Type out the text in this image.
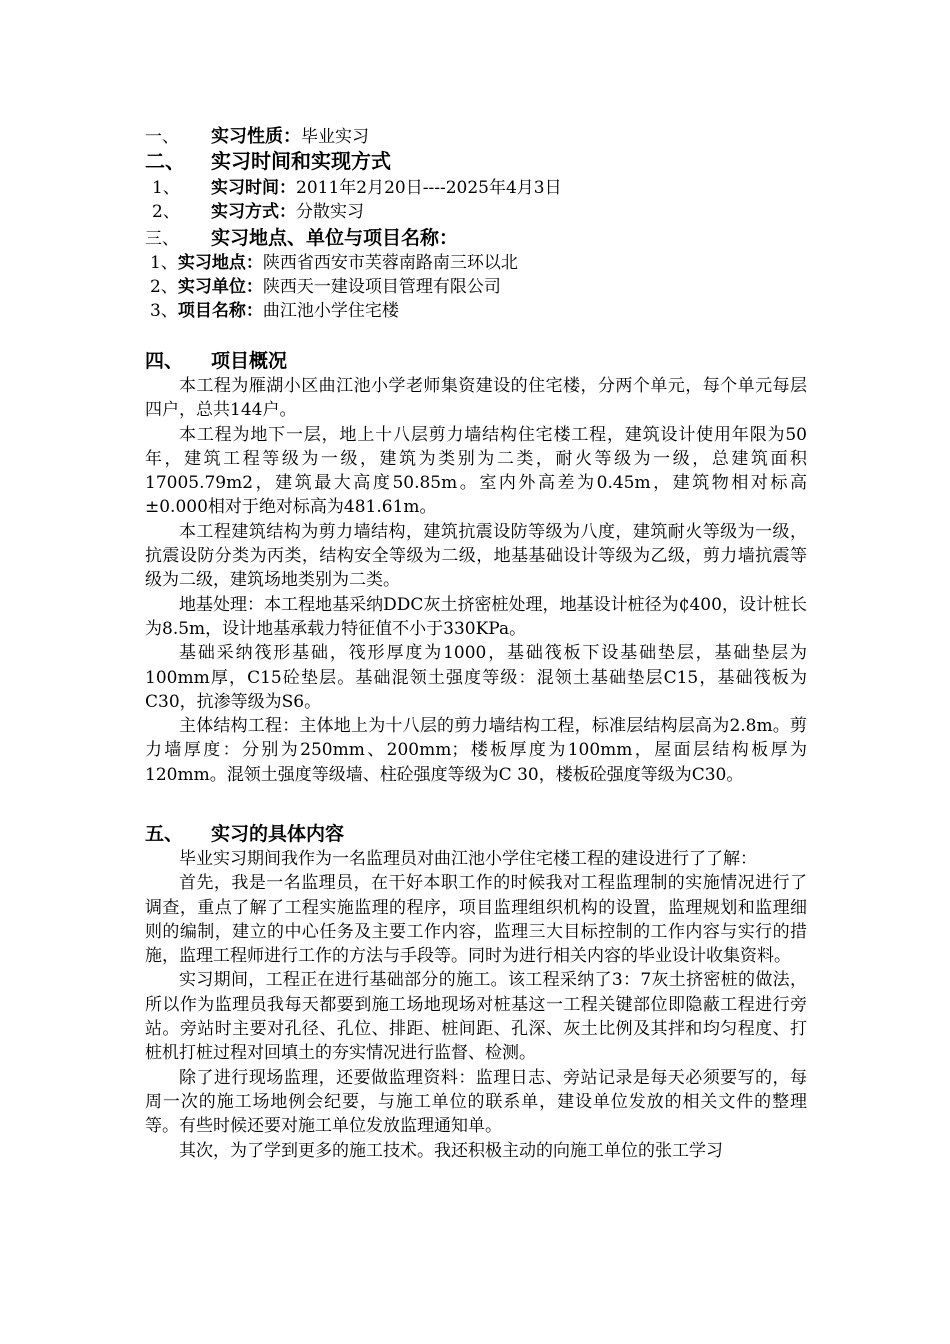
一、 实习性质：毕业实习
二、 实习时间和实现方式
1、 实习时间：2011年2月20日----2025年4月3日
2、 实习方式：分散实习
三、 实习地点、单位与项目名称：
1、实习地点：陕西省西安市芙蓉南路南三环以北
2、实习单位：陕西天一建设项目管理有限公司
3、项目名称：曲江池小学住宅楼
四、 项目概况

本工程为雁湖小区曲江池小学老师集资建设的住宅楼，分两个单元，每个单元每层四户，总共144户。

本工程为地下一层，地上十八层剪力墙结构住宅楼工程，建筑设计使用年限为50年，建筑工程等级为一级，建筑为类别为二类，耐火等级为一级，总建筑面积17005.79m2，建筑最大高度50.85m。室内外高差为0.45m，建筑物相对标高±0.000相对于绝对标高为481.61m。

本工程建筑结构为剪力墙结构，建筑抗震设防等级为八度，建筑耐火等级为一级，抗震设防分类为丙类，结构安全等级为二级，地基基础设计等级为乙级，剪力墙抗震等级为二级，建筑场地类别为二类。

地基处理：本工程地基采纳DDC灰土挤密桩处理，地基设计桩径为₵400，设计桩长为8.5m，设计地基承载力特征值不小于330KPa。

基础采纳筏形基础，筏形厚度为1000，基础筏板下设基础垫层，基础垫层为100mm厚，C15砼垫层。基础混领土强度等级：混领土基础垫层C15，基础筏板为C30，抗渗等级为S6。

主体结构工程：主体地上为十八层的剪力墙结构工程，标准层结构层高为2.8m。剪力墙厚度：分别为250mm、200mm；楼板厚度为100mm，屋面层结构板厚为120mm。混领土强度等级墙、柱砼强度等级为C 30，楼板砼强度等级为C30。

五、 实习的具体内容

毕业实习期间我作为一名监理员对曲江池小学住宅楼工程的建设进行了了解：

首先，我是一名监理员，在干好本职工作的时候我对工程监理制的实施情况进行了调查，重点了解了工程实施监理的程序，项目监理组织机构的设置，监理规划和监理细则的编制，建立的中心任务及主要工作内容，监理三大目标控制的工作内容与实行的措施，监理工程师进行工作的方法与手段等。同时为进行相关内容的毕业设计收集资料。

实习期间，工程正在进行基础部分的施工。该工程采纳了3：7灰土挤密桩的做法，所以作为监理员我每天都要到施工场地现场对桩基这一工程关键部位即隐蔽工程进行旁站。旁站时主要对孔径、孔位、排距、桩间距、孔深、灰土比例及其拌和均匀程度、打桩机打桩过程对回填土的夯实情况进行监督、检测。

除了进行现场监理，还要做监理资料：监理日志、旁站记录是每天必须要写的，每周一次的施工场地例会纪要，与施工单位的联系单，建设单位发放的相关文件的整理等。有些时候还要对施工单位发放监理通知单。

其次，为了学到更多的施工技术。我还积极主动的向施工单位的张工学习
